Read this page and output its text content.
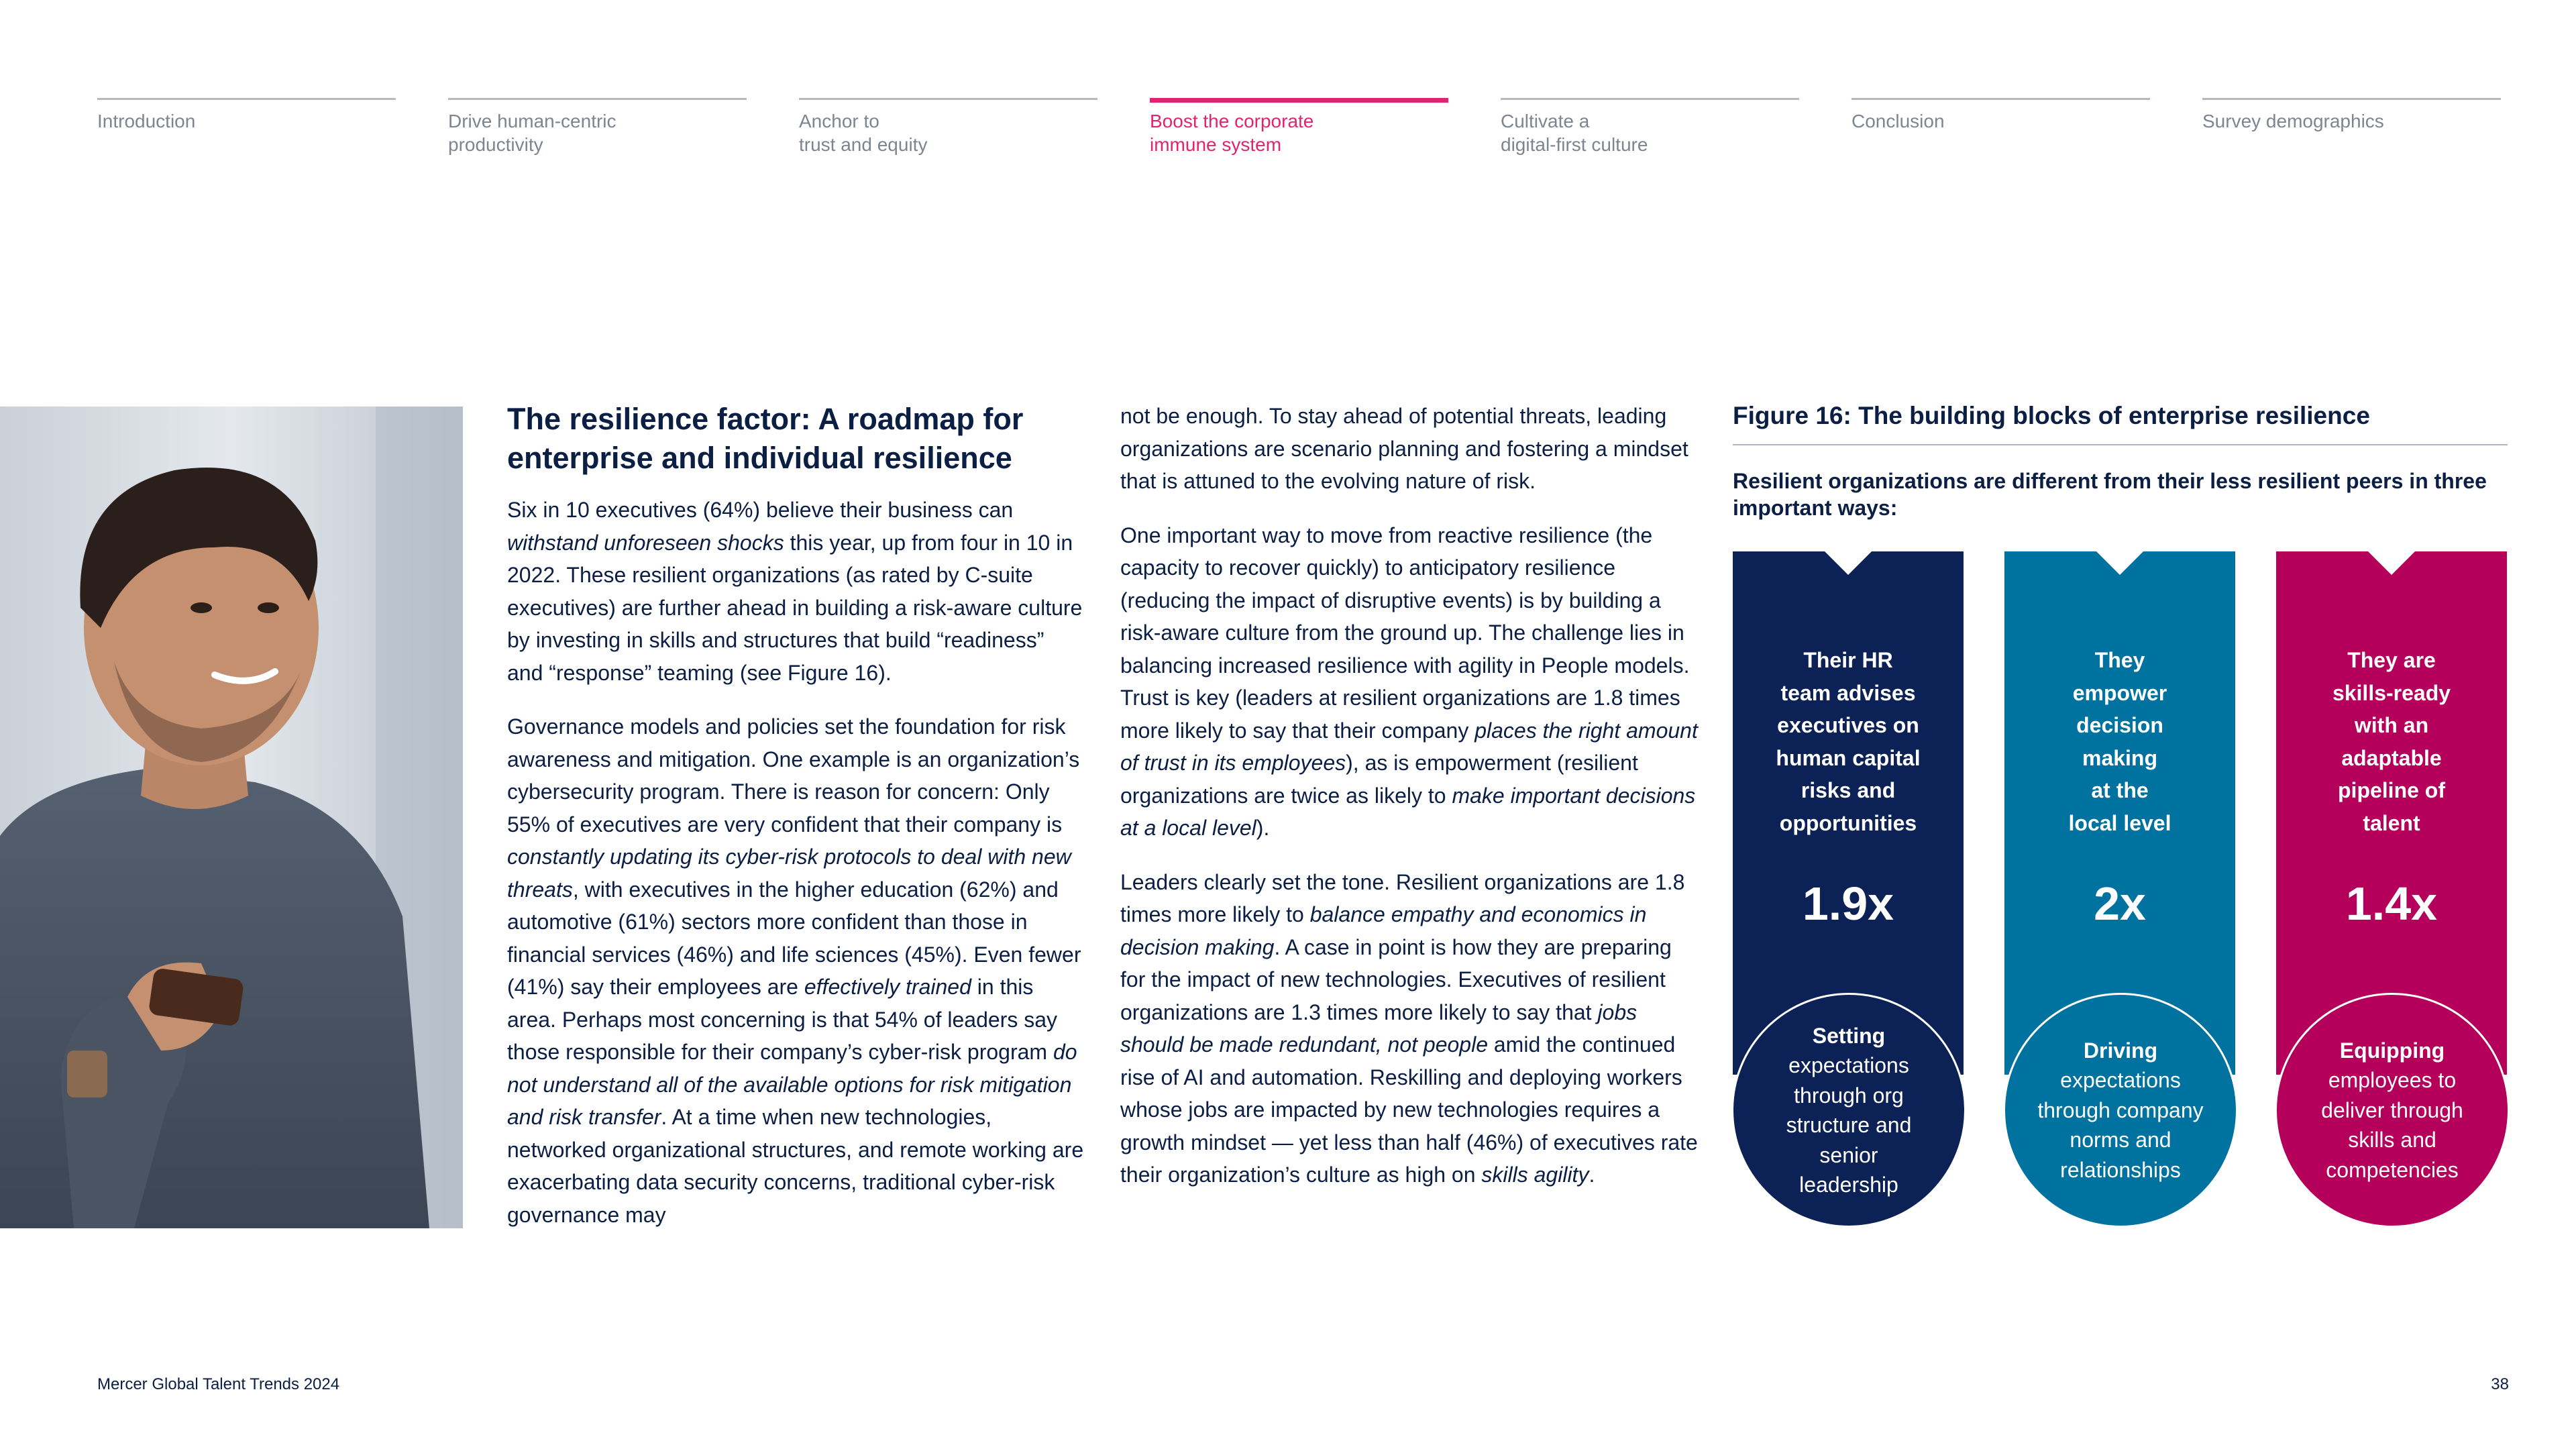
Introduction	Drive human-centric
productivity
Anchor to
trust and equity
Boost the corporate
immune system
Cultivate a
digital-first culture
Conclusion	Survey demographics
The resilience factor: A roadmap for enterprise and individual resilience

Six in 10 executives (64%) believe their business can withstand unforeseen shocks this year, up from four in 10 in 2022. These resilient organizations (as rated by C-suite executives) are further ahead in building a risk-aware culture by investing in skills and structures that build “readiness” and “response” teaming (see Figure 16).

Governance models and policies set the foundation for risk awareness and mitigation. One example is an organization’s cybersecurity program. There is reason for concern: Only 55% of executives are very confident that their company is constantly updating its cyber-risk protocols to deal with new threats, with executives in the higher education (62%) and automotive (61%) sectors more confident than those in financial services (46%) and life sciences (45%). Even fewer (41%) say their employees are effectively trained in this area. Perhaps most concerning is that 54% of leaders say those responsible for their company’s cyber-risk program do not understand all of the available options for risk mitigation and risk transfer. At a time when new technologies, networked organizational structures, and remote working are exacerbating data security concerns, traditional cyber-risk governance may

not be enough. To stay ahead of potential threats, leading organizations are scenario planning and fostering a mindset that is attuned to the evolving nature of risk.

One important way to move from reactive resilience (the capacity to recover quickly) to anticipatory resilience (reducing the impact of disruptive events) is by building a risk-aware culture from the ground up. The challenge lies in balancing increased resilience with agility in People models. Trust is key (leaders at resilient organizations are 1.8 times more likely to say that their company places the right amount of trust in its employees), as is empowerment (resilient organizations are twice as likely to make important decisions at a local level).

Leaders clearly set the tone. Resilient organizations are 1.8 times more likely to balance empathy and economics in decision making. A case in point is how they are preparing for the impact of new technologies. Executives of resilient organizations are 1.3 times more likely to say that jobs should be made redundant, not people amid the continued rise of AI and automation. Reskilling and deploying workers whose jobs are impacted by new technologies requires a growth mindset — yet less than half (46%) of executives rate their organization’s culture as high on skills agility.

Figure 16: The building blocks of enterprise resilience
Resilient organizations are different from their less resilient peers in three important ways:
Their HR
team advises
executives on
human capital
risks and
opportunities
1.9x
Setting
expectations
through org
structure and
senior
leadership
They
empower
decision
making
at the
local level
2x
Driving
expectations
through company
norms and
relationships
They are
skills-ready
with an
adaptable
pipeline of
talent
1.4x
Equipping
employees to
deliver through
skills and
competencies
Mercer Global Talent Trends 2024	38
